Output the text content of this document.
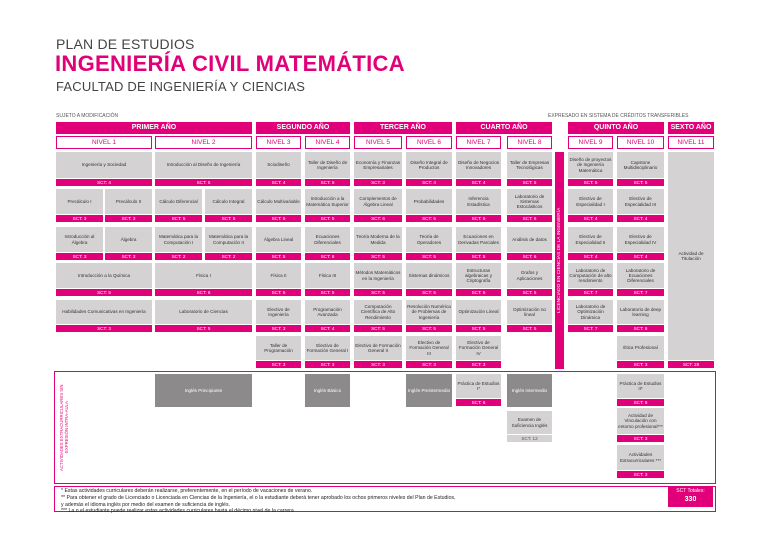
PLAN DE ESTUDIOS
INGENIERÍA CIVIL MATEMÁTICA
FACULTAD DE INGENIERÍA Y CIENCIAS
SUJETO A MODIFICACIÓN	EXPRESADO EN SISTEMA DE CRÉDITOS TRANSFERIBLES
PRIMER AÑO	SEGUNDO AÑO	TERCER AÑO	CUARTO AÑO	QUINTO AÑO	SEXTO AÑO
NIVEL 1	NIVEL 2	NIVEL 3	NIVEL 4	NIVEL 5	NIVEL 6	NIVEL 7	NIVEL 8	NIVEL 9	NIVEL 10	NIVEL 11
Ingeniería y Sociedad
SCT: 4
Introducción al Diseño de Ingeniería
SCT: 5
Precálculo I
SCT: 3
Precálculo II
SCT: 3
Cálculo Diferencial
SCT: 5
Cálculo Integral
SCT: 5
Introducción al Álgebra
SCT: 3
Álgebra
SCT: 3
Matemática para la Computación I
SCT: 2
Matemática para la Computación II
SCT: 2
Introducción a la Química
SCT: 5
Física I
SCT: 6
Habilidades Comunicativas en Ingeniería
SCT: 3
Laboratorio de Ciencias
SCT: 5
Sciodiseño
SCT: 4
Cálculo Multivariable
SCT: 5
Álgebra Lineal
SCT: 5
Física II
SCT: 5
Electivo de Ingeniería
SCT: 3
Taller de Programación
SCT: 3
Taller de Diseño de Ingeniería
SCT: 6
Introducción a la Matemática Superior
SCT: 5
Ecuaciones Diferenciales
SCT: 6
Física III
SCT: 5
Programación Avanzada
SCT: 4
Electivo de Formación General I
SCT: 3
Economía y Finanzas Empresariales
SCT: 3
Complementos de Álgebra Lineal
SCT: 6
Teoría Moderna de la Medida
SCT: 5
Métodos Matemáticos en la Ingeniería
SCT: 5
Computación Científica de Alto Rendimiento
SCT: 5
Electivo de Formación General II
SCT: 3
Diseño Integral de Productos
SCT: 4
Probabilidades
SCT: 5
Teoría de Operadores
SCT: 5
Sistemas dinámicos
SCT: 5
Resolución Numérica de Problemas de Ingeniería
SCT: 5
Electivo de Formación General III
SCT: 3
Diseño de Negocios Innovadores
SCT: 4
Inferencia Estadística
SCT: 5
Ecuaciones en Derivadas Parciales
SCT: 5
Estructuras algebraicas y Criptografía
SCT: 5
Optimización Lineal
SCT: 5
Electivo de Formación General IV
SCT: 3
Taller de Empresas Tecnológicas
SCT: 5
Laboratorio de Sistemas Estocásticos
SCT: 6
Análisis de datos
SCT: 6
Grafos y Aplicaciones
SCT: 5
Optimización no lineal
SCT: 5
LICENCIADO EN CIENCIAS DE LA INGENIERÍA
Diseño de proyectos de Ingeniería Matemática
SCT: 5
Electivo de Especialidad I
SCT: 4
Electivo de Especialidad II
SCT: 4
Laboratorio de Computación de alto rendimiento
SCT: 7
Laboratorio de Optimización Dinámica
SCT: 7
Capstone Multidisciplinario
SCT: 5
Electivo de Especialidad III
SCT: 4
Electivo de Especialidad IV
SCT: 4
Laboratorio de Ecuaciones Diferenciales
SCT: 7
Laboratorio de deep learning
SCT: 6
Ética Profesional
SCT: 3
Actividad de Titulación
SCT: 28
ACTIVIDADES EXTRACURRICULARES SIN EXPRESIÓN INTRA-AULA
Inglés Principiante	Inglés Básico	Inglés Preintermedio
Práctica de Estudios I*
SCT: 6
Inglés Intermedio
Examen de Suficiencia Inglés
SCT: 12
Práctica de Estudios II*
SCT: 8
Actividad de Vinculación con entorno profesional***
SCT: 3
Actividades Extracurriculares ***
SCT: 3
* Estas actividades curriculares deberán realizarse, preferentemente, en el período de vacaciones de verano.
** Para obtener el grado de Licenciado o Licenciada en Ciencias de la Ingeniería, el o la estudiante deberá tener aprobado los ochos primeros niveles del Plan de Estudios,
y además el idioma inglés por medio del examen de suficiencia de inglés.
*** La o el estudiante puede realizar estas actividades curriculares hasta el décimo nivel de la carrera
SCT Totales:
330
